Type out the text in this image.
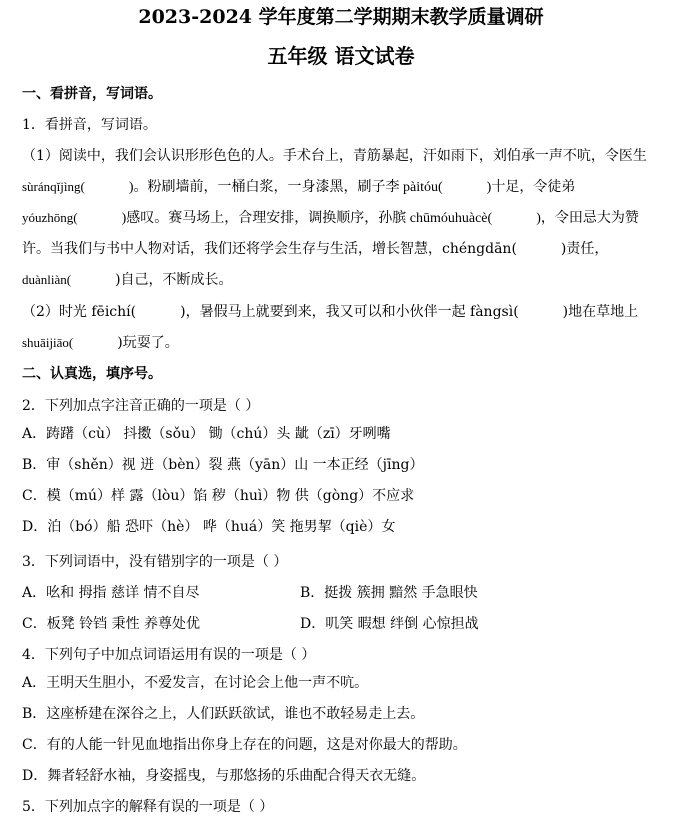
2023-2024 学年度第二学期期末教学质量调研
五年级 语文试卷
一、看拼音，写词语。
1．看拼音，写词语。
（1）阅读中，我们会认识形形色色的人。手术台上，青筋暴起，汗如雨下，刘伯承一声不吭，令医生
sùránqǐjìng(	)。粉刷墙前，一桶白浆，一身漆黑，刷子李 pàitóu(	)十足，令徒弟
yóuzhōng(	)感叹。赛马场上，合理安排，调换顺序，孙膑 chūmóuhuàcè(	)，令田忌大为赞
许。当我们与书中人物对话，我们还将学会生存与生活，增长智慧，chéngdān(	)责任，
duànliàn(	)自己，不断成长。
（2）时光 fēichí(	)，暑假马上就要到来，我又可以和小伙伴一起 fàngsì(	)地在草地上
shuāijiāo(	)玩耍了。
二、认真选，填序号。
2．下列加点字注音正确的一项是（ ）
A．踌躇（cù） 抖擞（sǒu） 锄（chú）头 龇（zī）牙咧嘴
B．审（shěn）视 迸（bèn）裂 燕（yān）山 一本正经（jīng）
C．模（mú）样 露（lòu）馅 秽（huì）物 供（gòng）不应求
D．泊（bó）船 恐吓（hè） 哗（huá）笑 拖男挈（qiè）女
3．下列词语中，没有错别字的一项是（ ）
A．吆和 拇指 慈详 情不自尽	B．挺拨 簇拥 黯然 手急眼快
C．板凳 铃铛 秉性 养尊处优	D．叽笑 暇想 绊倒 心惊担战
4．下列句子中加点词语运用有误的一项是（ ）
A．王明天生胆小，不爱发言，在讨论会上他一声不吭。
B．这座桥建在深谷之上，人们跃跃欲试，谁也不敢轻易走上去。
C．有的人能一针见血地指出你身上存在的问题，这是对你最大的帮助。
D．舞者轻舒水袖，身姿摇曳，与那悠扬的乐曲配合得天衣无缝。
5．下列加点字的解释有误的一项是（ ）
